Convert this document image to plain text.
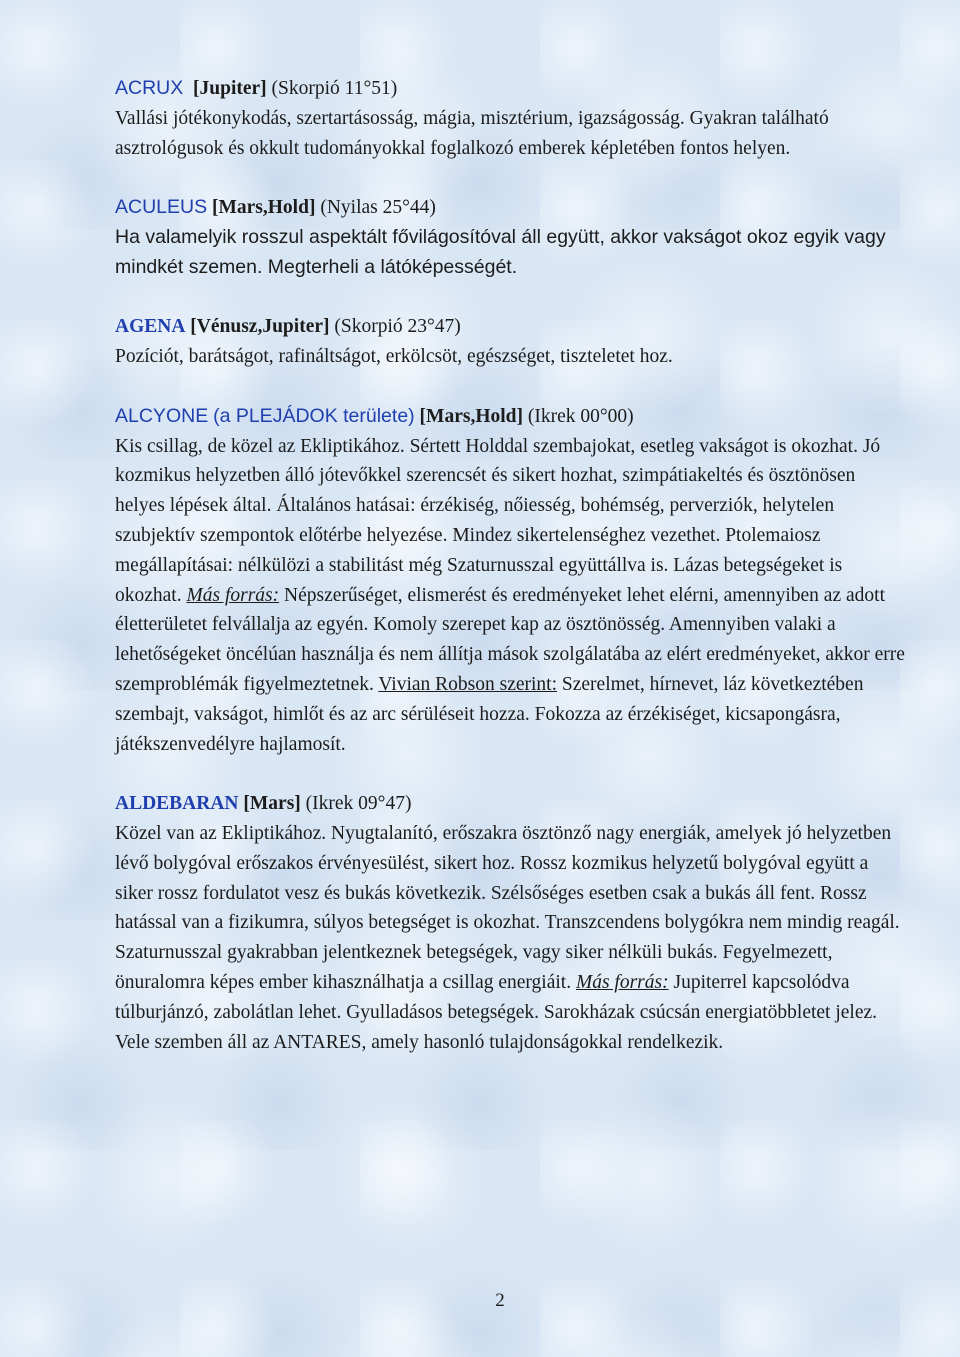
ACRUX [Jupiter] (Skorpió 11°51)

Vallási jótékonykodás, szertartásosság, mágia, misztérium, igazságosság. Gyakran található asztrológusok és okkult tudományokkal foglalkozó emberek képletében fontos helyen.

ACULEUS [Mars,Hold] (Nyilas 25°44)

Ha valamelyik rosszul aspektált fővilágosítóval áll együtt, akkor vakságot okoz egyik vagy mindkét szemen. Megterheli a látóképességét.

AGENA [Vénusz,Jupiter] (Skorpió 23°47)

Pozíciót, barátságot, rafináltságot, erkölcsöt, egészséget, tiszteletet hoz.

ALCYONE (a PLEJÁDOK területe) [Mars,Hold] (Ikrek 00°00)

Kis csillag, de közel az Ekliptikához. Sértett Holddal szembajokat, esetleg vakságot is okozhat. Jó kozmikus helyzetben álló jótevőkkel szerencsét és sikert hozhat, szimpátiakeltés és ösztönösen helyes lépések által. Általános hatásai: érzékiség, nőiesség, bohémség, perverziók, helytelen szubjektív szempontok előtérbe helyezése. Mindez sikertelenséghez vezethet. Ptolemaiosz megállapításai: nélkülözi a stabilitást még Szaturnusszal együttállva is. Lázas betegségeket is okozhat. Más forrás: Népszerűséget, elismerést és eredményeket lehet elérni, amennyiben az adott életterületet felvállalja az egyén. Komoly szerepet kap az ösztönösség. Amennyiben valaki a lehetőségeket öncélúan használja és nem állítja mások szolgálatába az elért eredményeket, akkor erre szemproblémák figyelmeztetnek. Vivian Robson szerint: Szerelmet, hírnevet, láz következtében szembajt, vakságot, himlőt és az arc sérüléseit hozza. Fokozza az érzékiséget, kicsapongásra, játékszenvedélyre hajlamosít.

ALDEBARAN [Mars] (Ikrek 09°47)

Közel van az Ekliptikához. Nyugtalanító, erőszakra ösztönző nagy energiák, amelyek jó helyzetben lévő bolygóval erőszakos érvényesülést, sikert hoz. Rossz kozmikus helyzetű bolygóval együtt a siker rossz fordulatot vesz és bukás következik. Szélsőséges esetben csak a bukás áll fent. Rossz hatással van a fizikumra, súlyos betegséget is okozhat. Transzcendens bolygókra nem mindig reagál. Szaturnusszal gyakrabban jelentkeznek betegségek, vagy siker nélküli bukás. Fegyelmezett, önuralomra képes ember kihasználhatja a csillag energiáit. Más forrás: Jupiterrel kapcsolódva túlburjánzó, zabolátlan lehet. Gyulladásos betegségek. Sarokházak csúcsán energiatöbbletet jelez.

Vele szemben áll az ANTARES, amely hasonló tulajdonságokkal rendelkezik.

2
